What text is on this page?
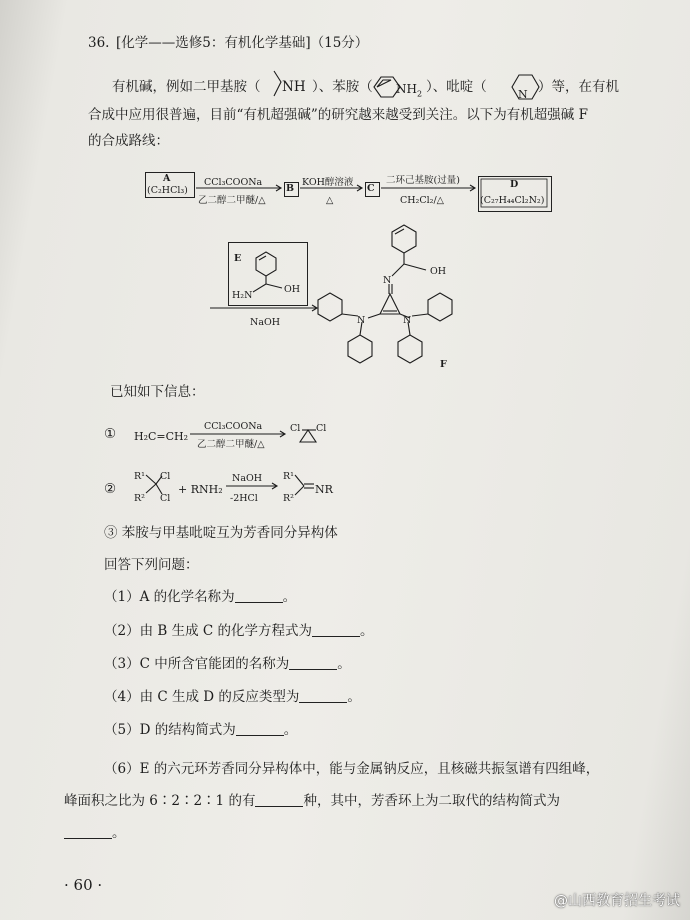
36. [化学——选修5：有机化学基础]（15分）
有机碱，例如二甲基胺（ NH ）、苯胺（ $NH_2$ ）、吡啶（	N ）等，在有机
合成中应用很普遍，目前“有机超强碱”的研究越来越受到关注。以下为有机超强碱 F
的合成路线：
A
(C₂HCl₃)
CCl₃COONa
乙二醇二甲醚/△
B
KOH醇溶液
△
C
二环己基胺(过量)
CH₂Cl₂/△
D
(C₂₇H₄₄Cl₂N₂)
E
H₂N
OH
NaOH
OH
N
N	N
F
已知如下信息：
① H₂C=CH₂
CCl₃COONa
乙二醇二甲醚/△
Cl Cl
②
R¹
R²
Cl
Cl
+ RNH₂
NaOH
-2HCl
R¹
R²
NR
③ 苯胺与甲基吡啶互为芳香同分异构体
回答下列问题：
（1）A 的化学名称为	。
（2）由 B 生成 C 的化学方程式为	。
（3）C 中所含官能团的名称为	。
（4）由 C 生成 D 的反应类型为	。
（5）D 的结构简式为	。
（6）E 的六元环芳香同分异构体中，能与金属钠反应，且核磁共振氢谱有四组峰，
峰面积之比为 6∶2∶2∶1 的有	种，其中，芳香环上为二取代的结构简式为
。
· 60 ·
@山西教育招生考试
